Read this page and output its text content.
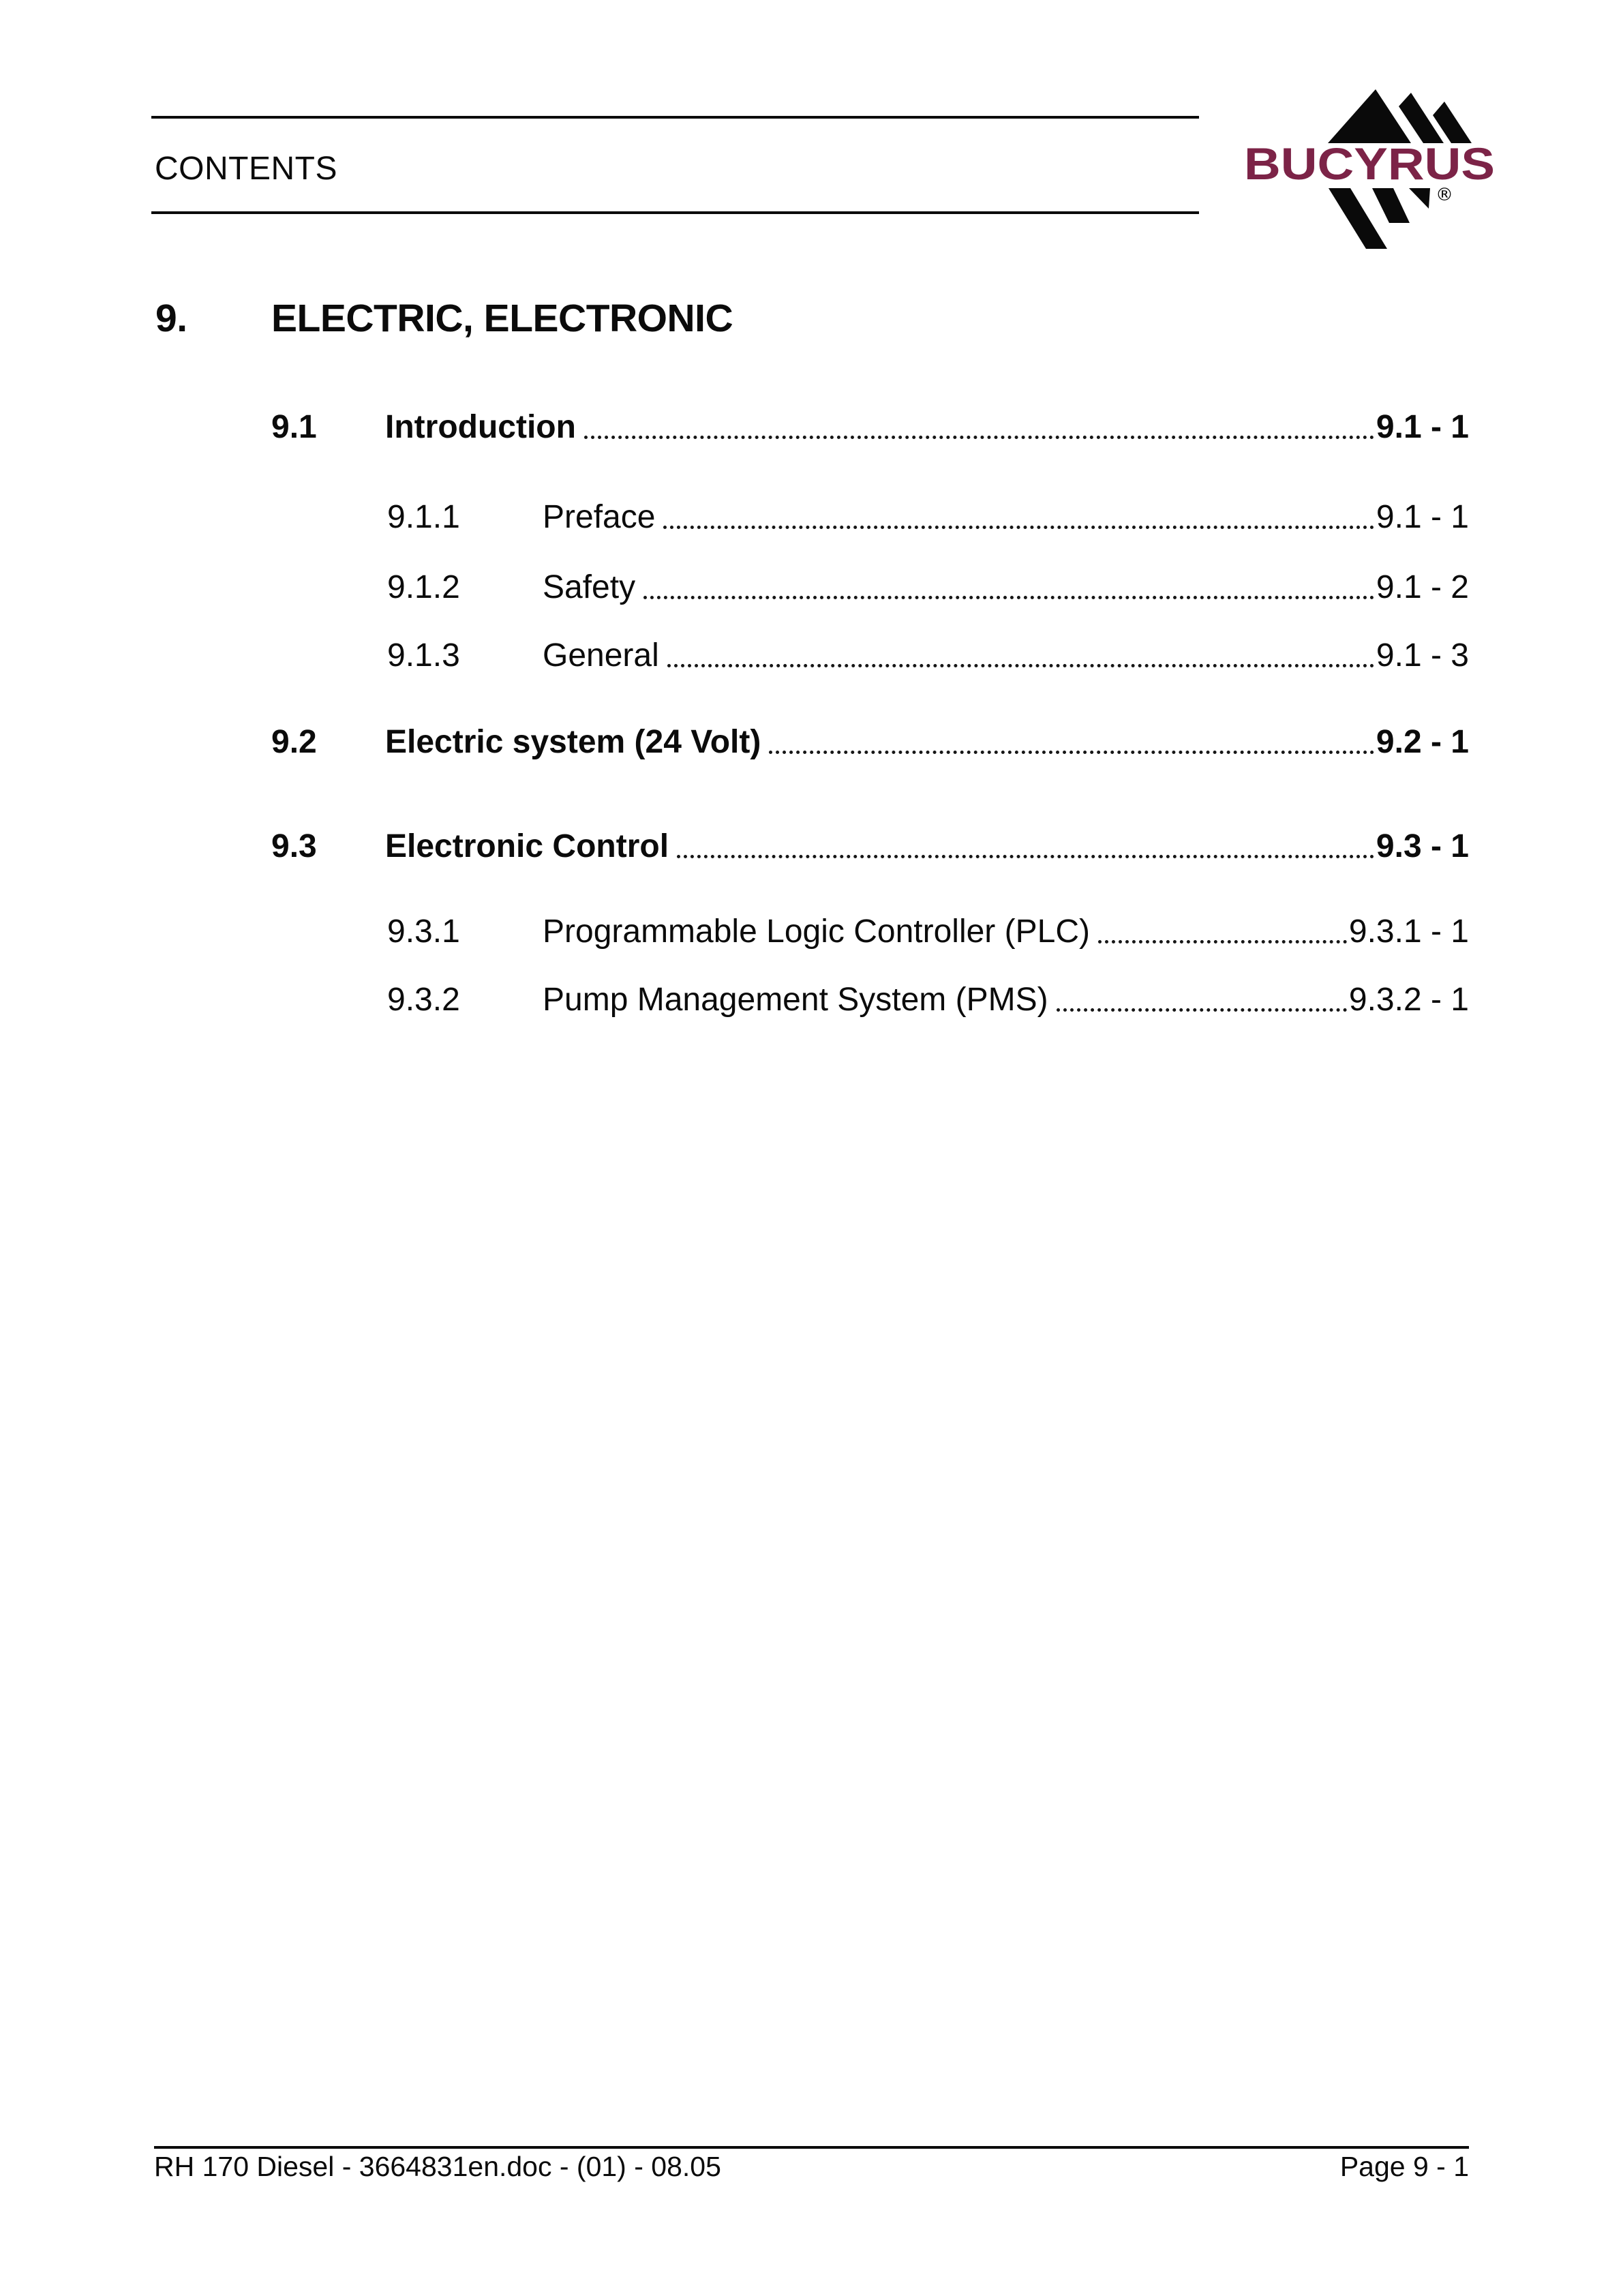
CONTENTS	BUCYRUS
®
9.	ELECTRIC, ELECTRONIC
9.1	Introduction	9.1 - 1
9.1.1	Preface	9.1 - 1
9.1.2	Safety	9.1 - 2
9.1.3	General	9.1 - 3
9.2	Electric system (24 Volt)	9.2 - 1
9.3	Electronic Control	9.3 - 1
9.3.1	Programmable Logic Controller (PLC)	9.3.1 - 1
9.3.2	Pump Management System (PMS)	9.3.2 - 1
RH 170 Diesel - 3664831en.doc - (01) - 08.05	Page 9 - 1
